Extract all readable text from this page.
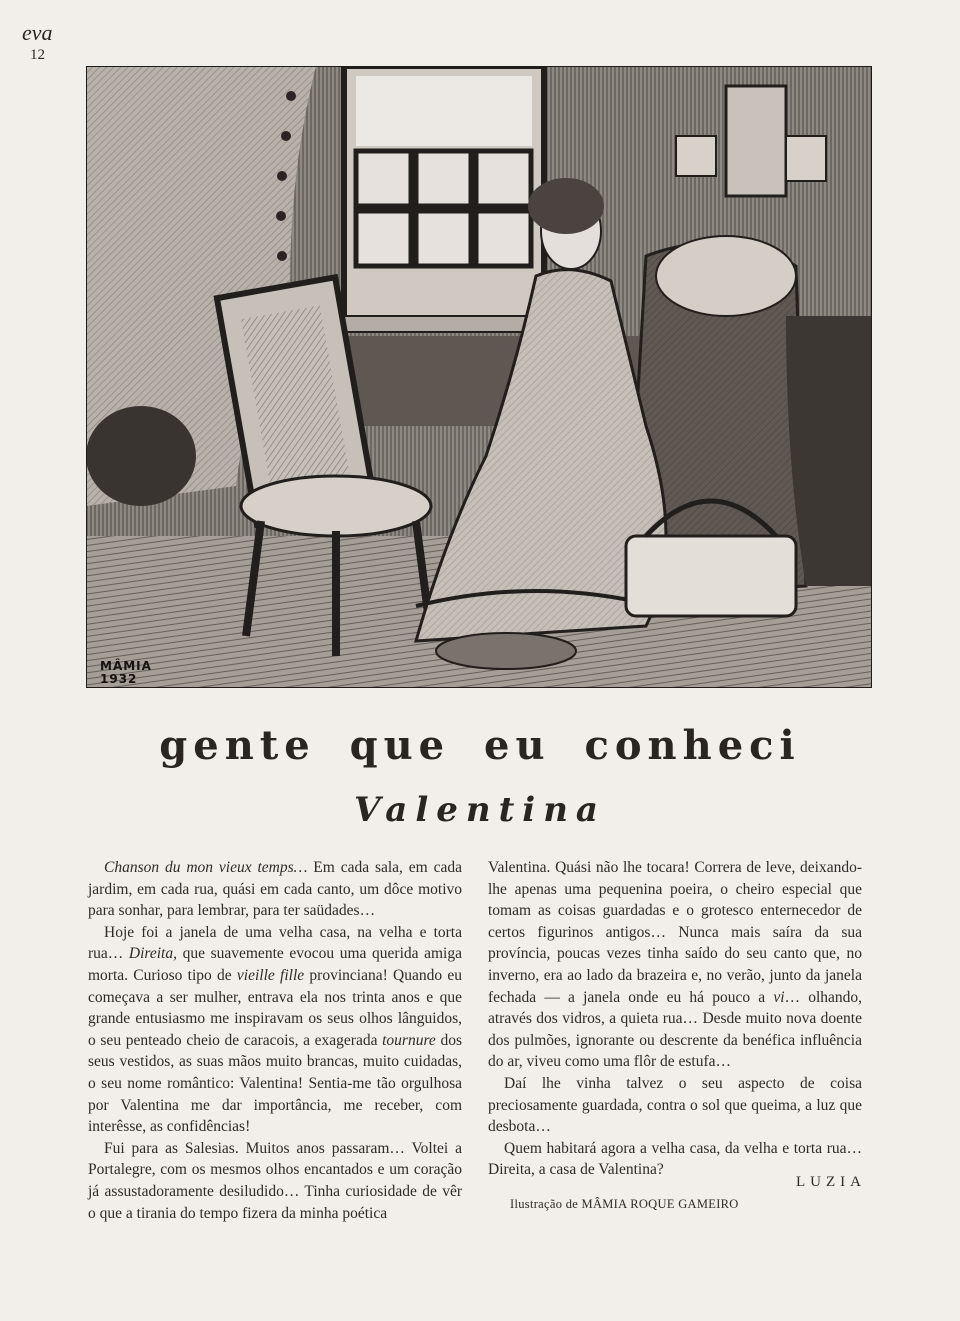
eva
12
MÂMIA
1932
gente que eu conheci
Valentina

Chanson du mon vieux temps… Em cada sala, em cada jardim, em cada rua, quási em cada canto, um dôce motivo para sonhar, para lembrar, para ter saüdades…

Hoje foi a janela de uma velha casa, na velha e torta rua… Direita, que suavemente evocou uma querida amiga morta. Curioso tipo de vieille fille provinciana! Quando eu começava a ser mulher, entrava ela nos trinta anos e que grande entusiasmo me inspiravam os seus olhos lânguidos, o seu penteado cheio de caracois, a exagerada tournure dos seus vestidos, as suas mãos muito brancas, muito cuidadas, o seu nome romântico: Valentina! Sentia-me tão orgulhosa por Valentina me dar importância, me receber, com interêsse, as confidências!

Fui para as Salesias. Muitos anos passaram… Voltei a Portalegre, com os mesmos olhos encantados e um coração já assustadoramente desiludido… Tinha curiosidade de vêr o que a tirania do tempo fizera da minha poética

Valentina. Quási não lhe tocara! Correra de leve, deixando-lhe apenas uma pequenina poeira, o cheiro especial que tomam as coisas guardadas e o grotesco enternecedor de certos figurinos antigos… Nunca mais saíra da sua província, poucas vezes tinha saído do seu canto que, no inverno, era ao lado da brazeira e, no verão, junto da janela fechada — a janela onde eu há pouco a vi… olhando, através dos vidros, a quieta rua… Desde muito nova doente dos pulmões, ignorante ou descrente da benéfica influência do ar, viveu como uma flôr de estufa…

Daí lhe vinha talvez o seu aspecto de coisa preciosamente guardada, contra o sol que queima, a luz que desbota…

Quem habitará agora a velha casa, da velha e torta rua… Direita, a casa de Valentina?

LUZIA
Ilustração de MÂMIA ROQUE GAMEIRO
